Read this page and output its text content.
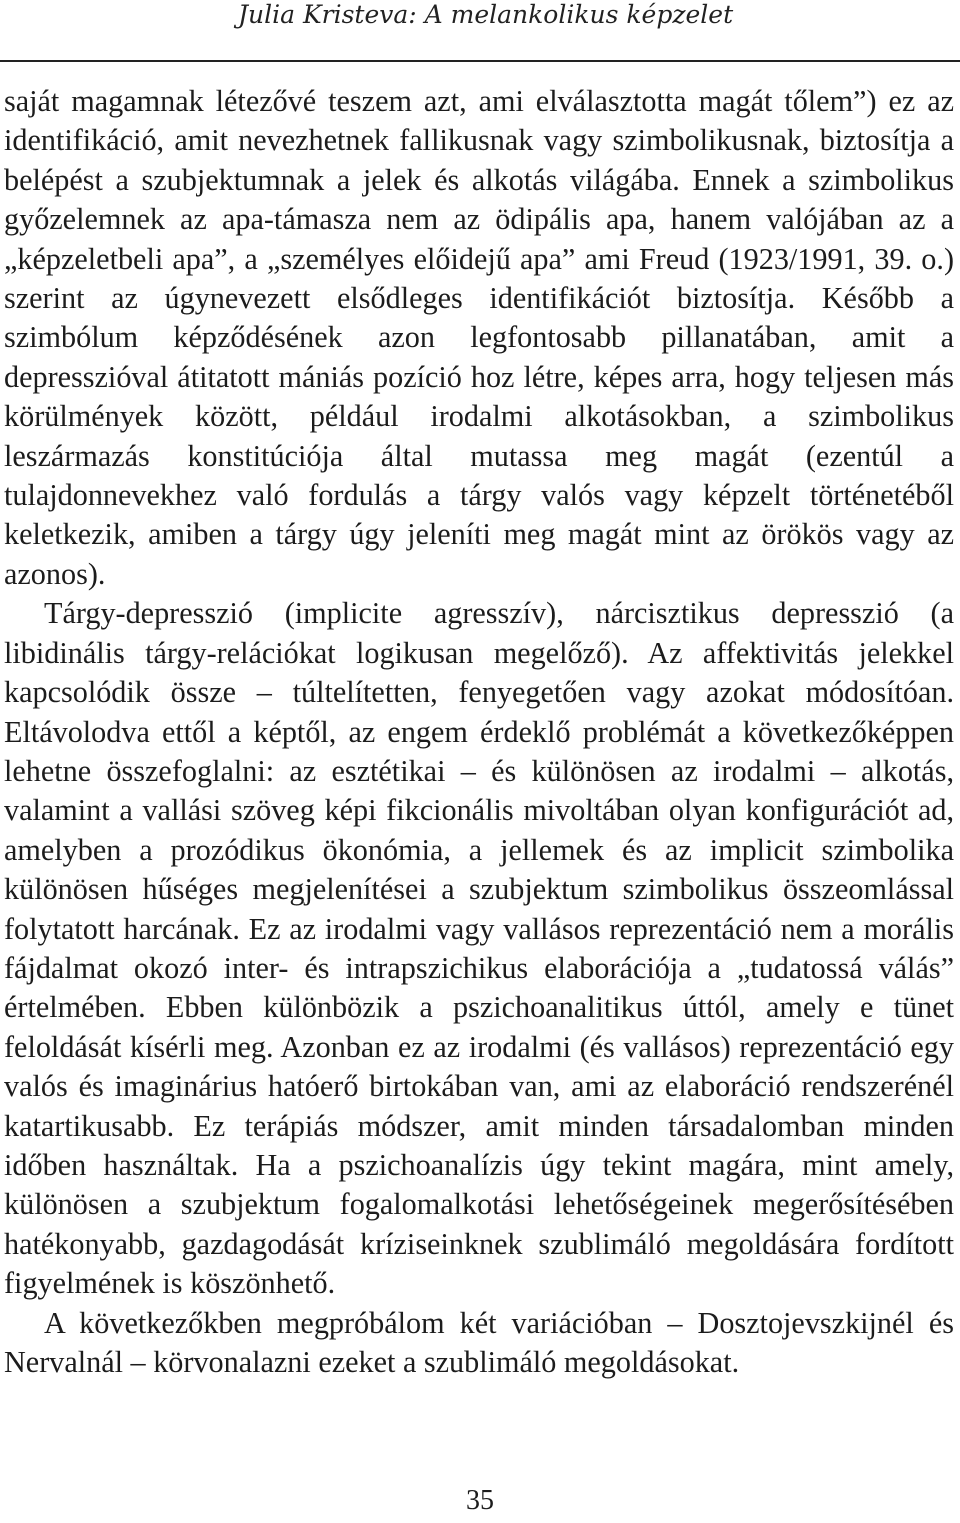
Julia Kristeva: A melankolikus képzelet

saját magamnak létezővé teszem azt, ami elválasztotta magát tőlem”) ez az identifikáció, amit nevezhetnek fallikusnak vagy szimbolikusnak, biztosítja a belépést a szubjektumnak a jelek és alkotás világába. Ennek a szimbolikus győzelemnek az apa-támasza nem az ödipális apa, hanem valójában az a „képzeletbeli apa”, a „személyes előidejű apa” ami Freud (1923/1991, 39. o.) szerint az úgynevezett elsődleges identifikációt biztosítja. Később a szimbólum képződésének azon legfontosabb pillanatában, amit a depresszióval átitatott mániás pozíció hoz létre, képes arra, hogy teljesen más körülmények között, például irodalmi alkotásokban, a szimbolikus leszármazás konstitúciója által mutassa meg magát (ezentúl a tulajdonnevekhez való fordulás a tárgy valós vagy képzelt történetéből keletkezik, amiben a tárgy úgy jeleníti meg magát mint az örökös vagy az azonos).

Tárgy-depresszió (implicite agresszív), nárcisztikus depresszió (a libidinális tárgy-relációkat logikusan megelőző). Az affektivitás jelekkel kapcsolódik össze – túltelítetten, fenyegetően vagy azokat módosítóan. Eltávolodva ettől a képtől, az engem érdeklő problémát a következőképpen lehetne összefoglalni: az esztétikai – és különösen az irodalmi – alkotás, valamint a vallási szöveg képi fikcionális mivoltában olyan konfigurációt ad, amelyben a prozódikus ökonómia, a jellemek és az implicit szimbolika különösen hűséges megjelenítései a szubjektum szimbolikus összeomlással folytatott harcának. Ez az irodalmi vagy vallásos reprezentáció nem a morális fájdalmat okozó inter- és intrapszichikus elaborációja a „tudatossá válás” értelmében. Ebben különbözik a pszichoanalitikus úttól, amely e tünet feloldását kísérli meg. Azonban ez az irodalmi (és vallásos) reprezentáció egy valós és imaginárius hatóerő birtokában van, ami az elaboráció rendszerénél katartikusabb. Ez terápiás módszer, amit minden társadalomban minden időben használtak. Ha a pszichoanalízis úgy tekint magára, mint amely, különösen a szubjektum fogalomalkotási lehetőségeinek megerősítésében hatékonyabb, gazdagodását kríziseinknek szublimáló megoldására fordított figyelmének is köszönhető.

A következőkben megpróbálom két variációban – Dosztojevszkijnél és Nervalnál – körvonalazni ezeket a szublimáló megoldásokat.

35
